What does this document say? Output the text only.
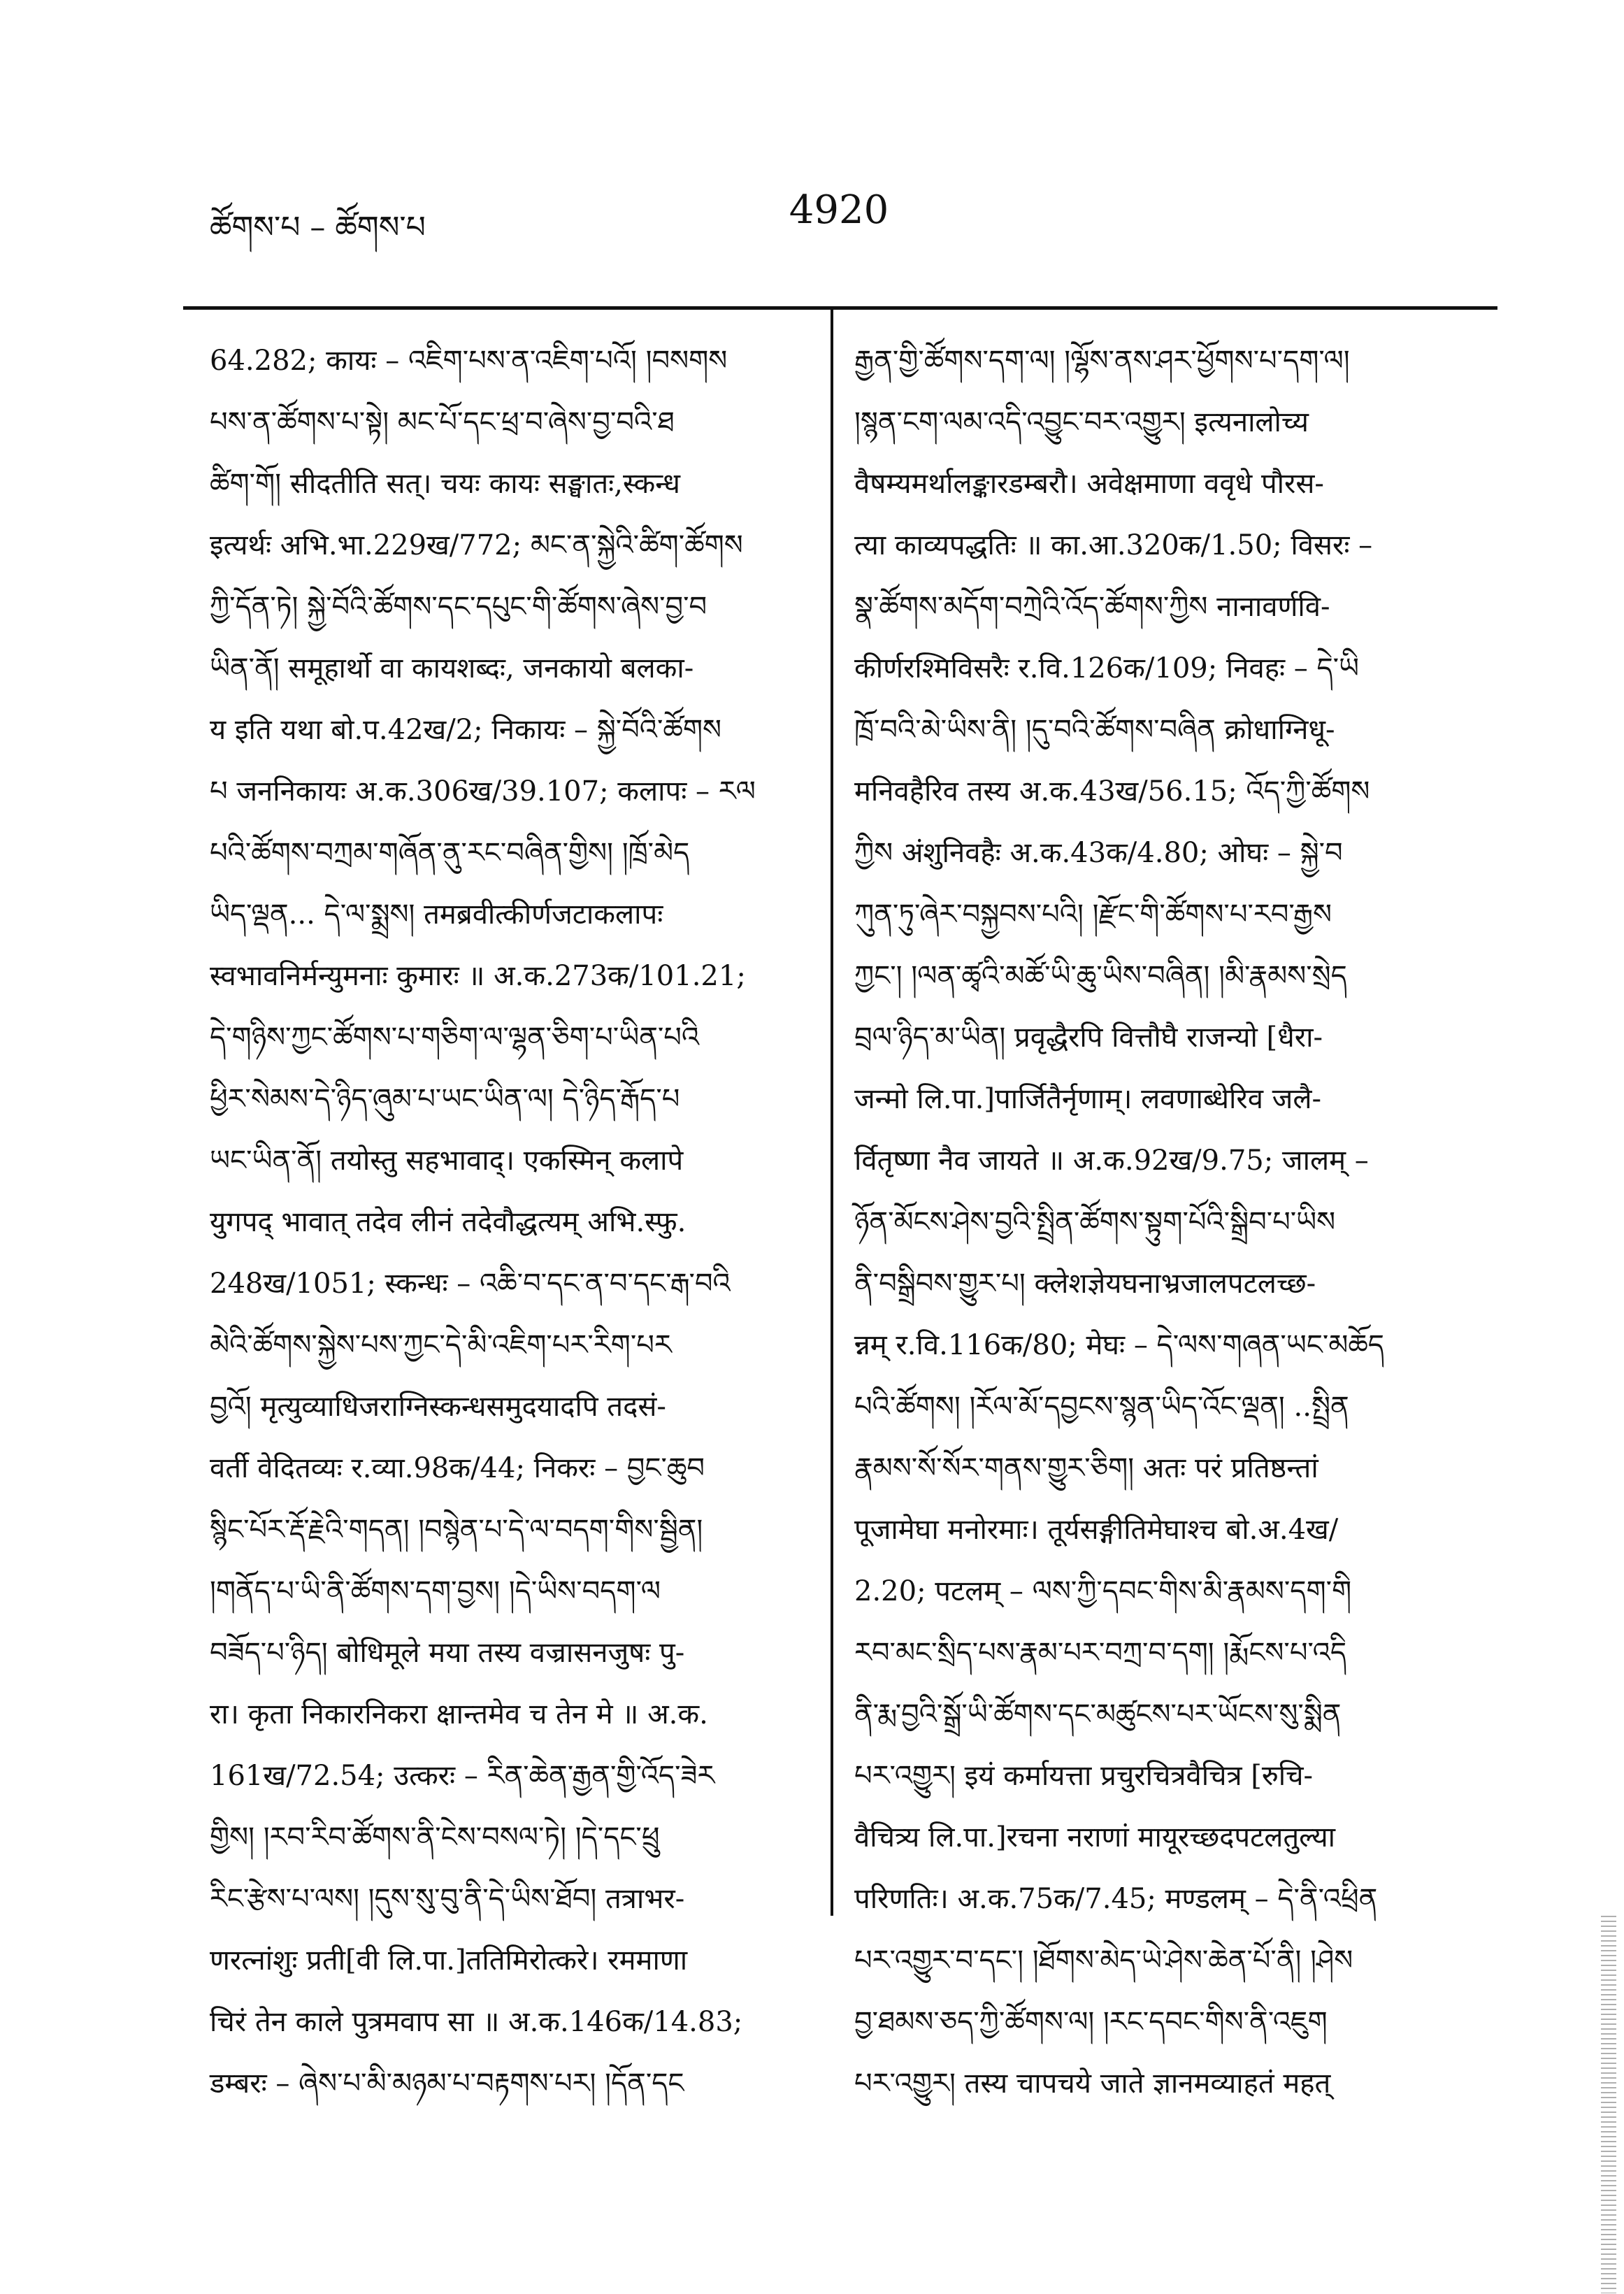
ཚོགས་པ – ཚོགས་པ	4920
64.282; कायः – འཇིག་པས་ན་འཇིག་པའོ། །བསགས
པས་ན་ཚོགས་པ་སྟེ། མང་པོ་དང་ཕྲ་བ་ཞེས་བྱ་བའི་ཐ
ཚིག་གོ། सीदतीति सत्। चयः कायः सङ्घातः,स्कन्ध
इत्यर्थः अभि.भा.229ख/772; མང་ན་སྐྱེའི་ཚིག་ཚོགས
ཀྱི་དོན་ཏེ། སྐྱེ་བོའི་ཚོགས་དང་དཔུང་གི་ཚོགས་ཞེས་བྱ་བ
ཡིན་ནོ། समूहार्थो वा कायशब्दः, जनकायो बलका-
य इति यथा बो.प.42ख/2; निकायः – སྐྱེ་བོའི་ཚོགས
པ जननिकायः अ.क.306ख/39.107; कलापः – རལ
པའི་ཚོགས་བཀྲམ་གཞོན་ནུ་རང་བཞིན་གྱིས། །ཁྲོ་མེད
ཡིད་ལྡན... དེ་ལ་སྨྲས། तमब्रवीत्कीर्णजटाकलापः
स्वभावनिर्मन्युमनाः कुमारः ॥ अ.क.273क/101.21;
དེ་གཉིས་ཀྱང་ཚོགས་པ་གཅིག་ལ་ལྷན་ཅིག་པ་ཡིན་པའི
ཕྱིར་སེམས་དེ་ཉིད་ཞུམ་པ་ཡང་ཡིན་ལ། དེ་ཉིད་རྒོད་པ
ཡང་ཡིན་ནོ། तयोस्तु सहभावाद्। एकस्मिन् कलापे
युगपद् भावात् तदेव लीनं तदेवौद्धत्यम् अभि.स्फु.
248ख/1051; स्कन्धः – འཆི་བ་དང་ན་བ་དང་རྒ་བའི
མེའི་ཚོགས་སྐྱེས་པས་ཀྱང་དེ་མི་འཇིག་པར་རིག་པར
བྱའོ། मृत्युव्याधिजराग्निस्कन्धसमुदयादपि तदसं-
वर्ती वेदितव्यः र.व्या.98क/44; निकरः – བྱང་ཆུབ
སྙིང་པོར་རྡོ་རྗེའི་གདན། །བསྙེན་པ་དེ་ལ་བདག་གིས་སྦྱིན།
།གནོད་པ་ཡི་ནི་ཚོགས་དག་བྱས། །དེ་ཡིས་བདག་ལ
བཟོད་པ་ཉིད། बोधिमूले मया तस्य वज्रासनजुषः पु-
रा। कृता निकारनिकरा क्षान्तमेव च तेन मे ॥ अ.क.
161ख/72.54; उत्करः – རིན་ཆེན་རྒྱན་གྱི་འོད་ཟེར
གྱིས། །རབ་རིབ་ཚོགས་ནི་ངེས་བསལ་ཏེ། །དེ་དང་ཕྲུ
རིང་རྩེས་པ་ལས། །དུས་སུ་བུ་ནི་དེ་ཡིས་ཐོབ། तत्राभर-
णरत्नांशुः प्रती[वी लि.पा.]ततिमिरोत्करे। रममाणा
चिरं तेन काले पुत्रमवाप सा ॥ अ.क.146क/14.83;
डम्बरः – ཞེས་པ་མི་མཉམ་པ་བརྟགས་པར། །དོན་དང
རྒྱན་གྱི་ཚོགས་དག་ལ། །ལྷོས་ནས་ཤར་ཕྱོགས་པ་དག་ལ།
།སྙན་ངག་ལམ་འདི་འབྱུང་བར་འགྱུར། इत्यनालोच्य
वैषम्यमर्थालङ्कारडम्बरौ। अवेक्षमाणा ववृधे पौरस-
त्या काव्यपद्धतिः ॥ का.आ.320क/1.50; विसरः –
སྣ་ཚོགས་མདོག་བཀྲེའི་འོད་ཚོགས་ཀྱིས नानावर्णवि-
कीर्णरश्मिविसरैः र.वि.126क/109; निवहः – དེ་ཡི
ཁྲོ་བའི་མེ་ཡིས་ནི། །དུ་བའི་ཚོགས་བཞིན क्रोधाग्निधू-
मनिवहैरिव तस्य अ.क.43ख/56.15; འོད་ཀྱི་ཚོགས
ཀྱིས अंशुनिवहैः अ.क.43क/4.80; ओघः – སྐྱེ་བ
ཀུན་ཏུ་ཞེར་བསྐྱབས་པའི། །རྫོང་གི་ཚོགས་པ་རབ་རྒྱས
ཀྱང་། །ལན་ཚྭའི་མཚོ་ཡི་ཆུ་ཡིས་བཞིན། །མི་རྣམས་སྲེད
བྲལ་ཉིད་མ་ཡིན། प्रवृद्धैरपि वित्तौघै राजन्यो [धैरा-
जन्मो लि.पा.]पार्जितैर्नृणाम्। लवणाब्धेरिव जलै-
र्वितृष्णा नैव जायते ॥ अ.क.92ख/9.75; जालम् –
ཉོན་མོངས་ཤེས་བྱའི་སྤྲིན་ཚོགས་སྟུག་པོའི་སྒྲིབ་པ་ཡིས
ནི་བསྒྲིབས་གྱུར་པ། क्लेशज्ञेयघनाभ्रजालपटलच्छ-
न्नम् र.वि.116क/80; मेघः – དེ་ལས་གཞན་ཡང་མཆོད
པའི་ཚོགས། །རོལ་མོ་དབྱངས་སྙན་ཡིད་འོང་ལྡན། ..སྤྲིན
རྣམས་སོ་སོར་གནས་གྱུར་ཅིག། अतः परं प्रतिष्ठन्तां
पूजामेघा मनोरमाः। तूर्यसङ्गीतिमेघाश्च बो.अ.4ख/
2.20; पटलम् – ལས་ཀྱི་དབང་གིས་མི་རྣམས་དག་གི
རབ་མང་སྲིད་པས་རྣམ་པར་བཀྲ་བ་དག། །རྨོངས་པ་འདི
ནི་རྨ་བྱའི་སྒྲོ་ཡི་ཚོགས་དང་མཚུངས་པར་ཡོངས་སུ་སྨིན
པར་འགྱུར། इयं कर्मायत्ता प्रचुरचित्रवैचित्र [रुचि-
वैचित्र्य लि.पा.]रचना नराणां मायूरच्छदपटलतुल्या
परिणतिः। अ.क.75क/7.45; मण्डलम् – དེ་ནི་འཕྲིན
པར་འགྱུར་བ་དང་། །ཐོགས་མེད་ཡེ་ཤེས་ཆེན་པོ་ནི། །ཤེས
བྱ་ཐམས་ཅད་ཀྱི་ཚོགས་ལ། །རང་དབང་གིས་ནི་འཇུག
པར་འགྱུར། तस्य चापचये जाते ज्ञानमव्याहतं महत्
